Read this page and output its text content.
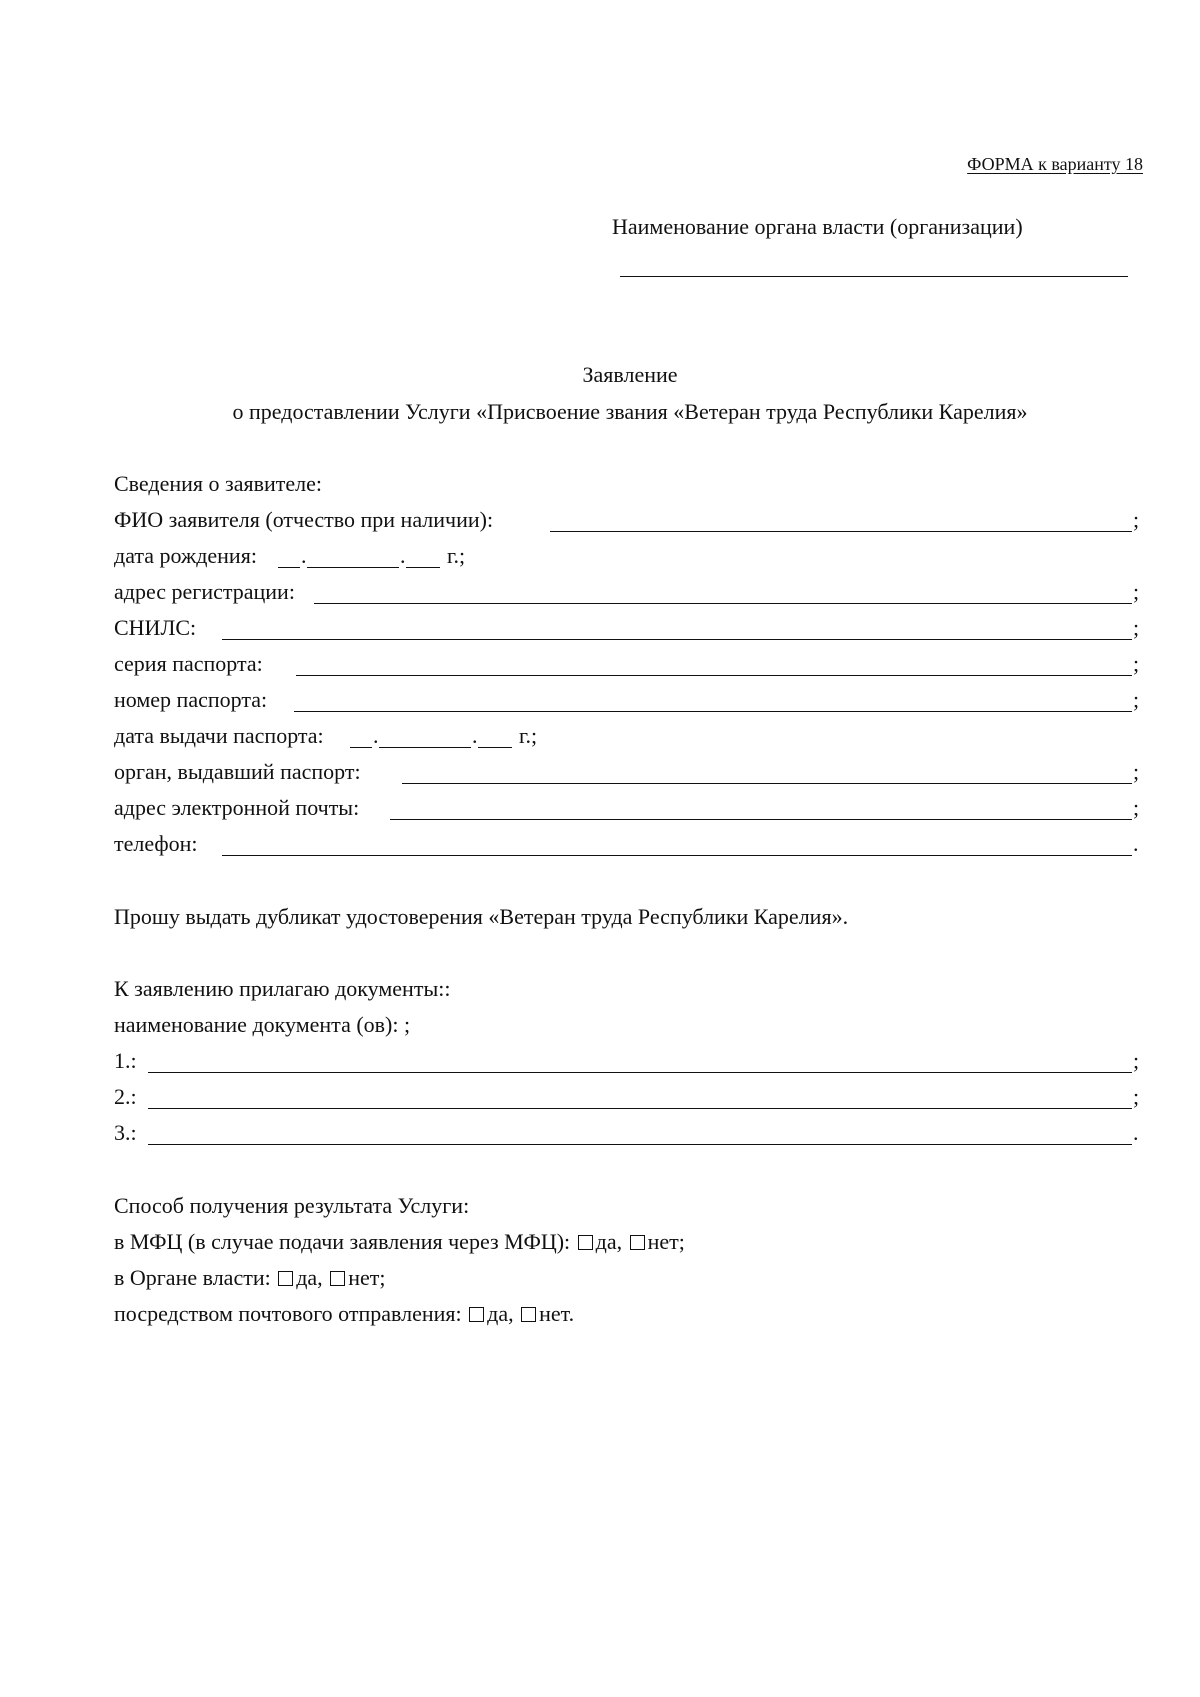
ФОРМА к варианту 18
Наименование органа власти (организации)
Заявление
о предоставлении Услуги «Присвоение звания «Ветеран труда Республики Карелия»
Сведения о заявителе:
ФИО заявителя (отчество при наличии):	;
дата рождения: .	. г.;
адрес регистрации:	;
СНИЛС:	;
серия паспорта:	;
номер паспорта:	;
дата выдачи паспорта: .	. г.;
орган, выдавший паспорт:	;
адрес электронной почты:	;
телефон:	.
Прошу выдать дубликат удостоверения «Ветеран труда Республики Карелия».
К заявлению прилагаю документы::
наименование документа (ов): ;
1.:	;
2.:	;
3.:	.
Способ получения результата Услуги:
в МФЦ (в случае подачи заявления через МФЦ): да, нет;
в Органе власти: да, нет;
посредством почтового отправления: да, нет.
